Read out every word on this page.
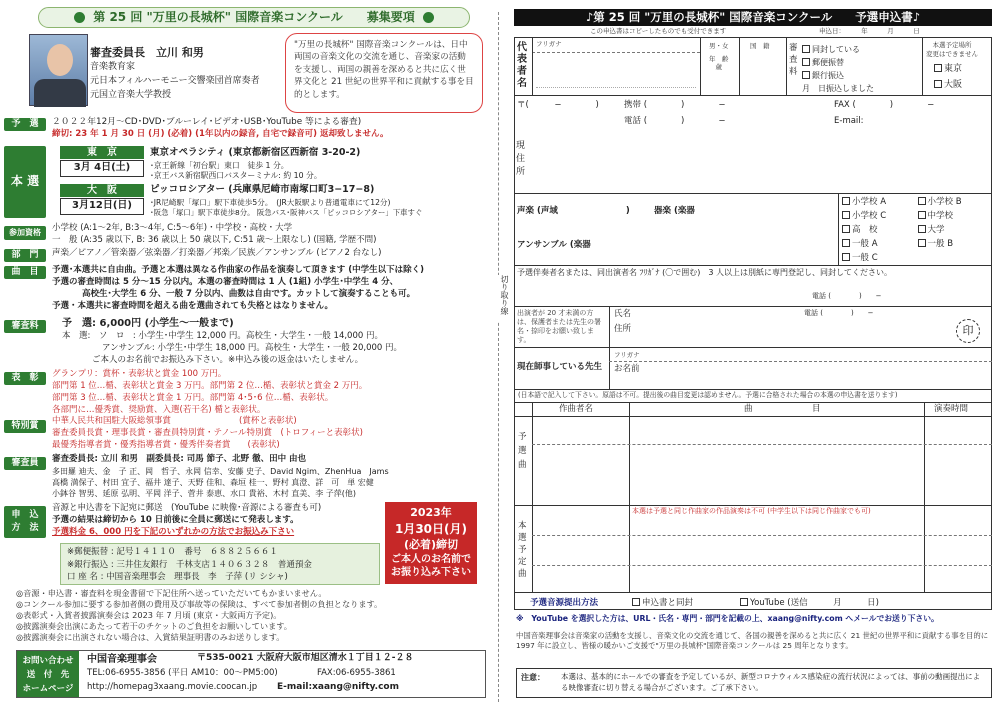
第 25 回 "万里の長城杯" 国際音楽コンクール　　募集要項
審査委員長　立川 和男
音楽教育家
元日本フィルハーモニー交響楽団首席奏者
元国立音楽大学教授
"万里の長城杯" 国際音楽コンクールは、日中両国の音楽文化の交流を通じ、音楽家の活動を支援し、両国の親善を深めると共に広く世界文化と 21 世紀の世界平和に貢献する事を目的とします。
予　選	２０２２年12月〜CD･DVD･ブルーレイ･ビデオ･USB･YouTube 等による審査)
締切: 23 年 1 月 30 日 (月) (必着) (1年以内の録音, 自宅で録音可) 返却致しません。
本 選
東　京
3月 4日(土)
東京オペラシティ (東京都新宿区西新宿 3-20-2)
･京王新線「初台駅」東口　徒歩 1 分。
･京王バス新宿駅西口バスターミナル: 約 10 分。
大　阪
3月12日(日)
ピッコロシアター (兵庫県尼崎市南塚口町3−17−8)
･JR尼崎駅「塚口」駅下車徒歩5分。　(JR大阪駅より普通電車にて12分)
･阪急「塚口」駅下車徒歩8分。 阪急バス･阪神バス「ピッコロシアター」下車すぐ
参加資格	小学校 (A:1〜2年, B:3〜4年, C:5〜6年)・中学校・高校・大学
一　般 (A:35 歳以下, B: 36 歳以上 50 歳以下, C:51 歳〜上限なし) (国籍, 学歴不問)
部　門	声楽／ピアノ／管楽器／弦楽器／打楽器／邦楽／民族／アンサンブル (ピアノ2 台なし)
曲　目	予選･本選共に自由曲。予選と本選は異なる作曲家の作品を演奏して頂きます (中学生以下は除く)
予選の審査時間は 5 分〜15 分以内。本選の審査時間は 1 人 (1組) 小学生･中学生 4 分、
高校生･大学生 6 分、一般 7 分以内、曲数は自由です。カットして演奏することも可。
予選・本選共に審査時間を超える曲を選曲されても失格とはなりません。
審査料	予　選: 6,000円 (小学生〜一般まで)
本　選:　ソ　ロ　: 小学生･中学生 12,000 円。高校生・大学生・一般 14,000 円。
アンサンブル: 小学生･中学生 18,000 円。高校生・大学生・一般 20,000 円。
ご本人のお名前でお振込み下さい。※申込み後の返金はいたしません。
表　彰	グランプリ：賞杯・表彰状と賞金 100 万円。
部門第 1 位…楯、表彰状と賞金 3 万円。部門第 2 位…楯、表彰状と賞金 2 万円。
部門第 3 位…楯、表彰状と賞金 1 万円。部門第 4･5･6 位…楯、表彰状。
各部門に…優秀賞、奨励賞、入選(若干名) 楯と表彰状。
特別賞	中華人民共和国駐大阪総領事賞　　　　　　　　(賞杯と表彰状)
審査委員長賞・理事長賞・審査員特別賞・テノール特別賞　(トロフィーと表彰状)
最優秀指導者賞・優秀指導者賞・優秀伴奏者賞　　(表彰状)
審査員	審査委員長: 立川 和男　副委員長: 司馬 節子、北野 徹、田中 由也
多田羅 迪夫、金　子 正、岡　哲子、永岡 信幸、安藤 史子、David Ngim、ZhenHua　Jams
高橋 満保子、村田 宜子、福井 達子、天野 佳和、森垣 桂一、野村 真澄、詳　可　単 宏健
小鉢谷 智男、延原 弘明、平岡 洋子、菅井 泰恵、水口 貴裕、木村 直美、李 子萍(他)
申　込
方　法
音源と申込書を下記宛に郵送　(YouTube に映像･音源による審査も可)
予選の結果は締切から 10 日前後に全員に郵送にて発表します。
予選料金 6、000 円を下記のいずれかの方法でお振込み下さい
※郵便振替 : 記号１４１１０　番号　６８８２５６６１
※銀行振込 : 三井住友銀行　千林支店１４０６３２８　普通預金
口 座 名 : 中国音楽理事会　理事長　李　子萍 (リ シシャ)
2023年
1月30日(月)
(必着)締切
ご本人のお名前で
お振り込み下さい
◎音源・申込書・審査料を現金書留で下記住所へ送っていただいてもかまいません。
◎コンクール参加に要する参加者側の費用及び事故等の保険は、すべて参加者側の負担となります。
◎表彰式・入賞者披露演奏会は 2023 年 7 月頃 (東京・大阪両方予定)。
◎披露演奏会出演にあたって若干のチケットのご負担をお願いしています。
◎披露演奏会に出演されない場合は、入賞結果証明書のみお送りします。
お問い合わせ
送　付　先
ホームページ
中国音楽理事会	〒535-0021 大阪府大阪市旭区清水１丁目１２-２８
TEL:06-6955-3856 (平日 AM10：00〜PM5:00)	FAX:06-6955-3861
http://homepag3xaang.movie.coocan.jp E-mail:xaang@nifty.com
切り取り線
♪第 25 回 "万里の長城杯" 国際音楽コンクール　　予選申込書♪
この申込書はコピーしたものでも受付できます	申込日：　　　年　　　月　　　日
代
表
者
名
フリガナ	男・女
年　齢
歳
国　籍 審
査
料
同封している
郵便振替
銀行振込
月　日振込しました
本選予定場所
変更はできません
東京
大阪
〒(　　　−　　　　)	携帯 (　　　　)　　　　−
電話 (　　　　)　　　　−
FAX (　　　　)　　　　−
E-mail:
現
住
所
声楽 (声域　　　　　　　　)	器楽 (楽器
アンサンブル (楽器
小学校 A	小学校 B
小学校 C	中学校
高　校	大学
一般 A	一般 B
一般 C
予選伴奏者名または、同出演者名 ﾌﾘｶﾞﾅ (〇で囲む)　3 人以上は別紙に専門登記し、同封してください。
電話 (　　　　)　　−
出演者が 20 才未満の方は、保護者または先生の署名・捺印をお願い致します。
氏名
住所	印
電話 (　　　　)　　−
現在師事している先生
フリガナ
お名前
(日本語で記入して下さい。原語は不可。提出後の曲目変更は認めません。予選に合格された場合の本選の申込書を送ります)
作曲者名	曲　　　　　　　目	演奏時間
予
選
曲
本
選
予
定
曲
本選は予選と同じ作曲家の作品演奏は不可 (中学生以下は同じ作曲家でも可)
予選音源提出方法	申込書と同封	YouTube (送信　　　月　　　日)
※　YouTube を選択した方は、URL・氏名・専門・部門を記載の上、xaang@nifty.com へメールでお送り下さい。
中国音楽理事会は音楽家の活動を支援し、音楽文化の交流を通じて、各国の親善を深めると共に広く 21 世紀の世界平和に貢献する事を目的に 1997 年に設立し、皆様の暖かいご支援で"万里の長城杯"国際音楽コンクールは 25 周年となります。
注意： 本選は、基本的にホールでの審査を予定しているが、新型コロナウィルス感染症の流行状況によっては、事前の動画提出による映像審査に切り替える場合がございます。ご了承下さい。
